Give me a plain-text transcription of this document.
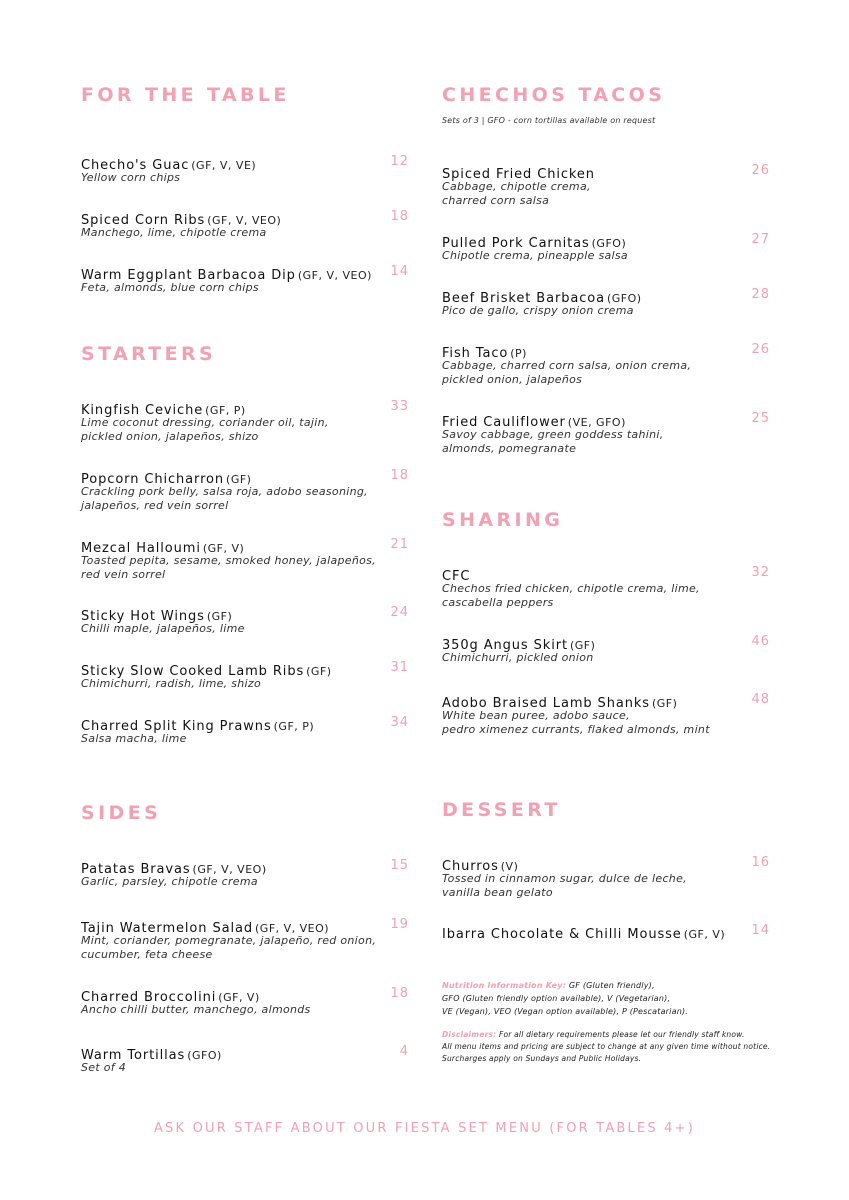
FOR THE TABLE
Checho's Guac (GF, V, VE)	12
Yellow corn chips
Spiced Corn Ribs (GF, V, VEO)	18
Manchego, lime, chipotle crema
Warm Eggplant Barbacoa Dip (GF, V, VEO) 14
Feta, almonds, blue corn chips
STARTERS
Kingfish Ceviche (GF, P)	33
Lime coconut dressing, coriander oil, tajin,
pickled onion, jalapeños, shizo
Popcorn Chicharron (GF)	18
Crackling pork belly, salsa roja, adobo seasoning,
jalapeños, red vein sorrel
Mezcal Halloumi (GF, V)	21
Toasted pepita, sesame, smoked honey, jalapeños,
red vein sorrel
Sticky Hot Wings (GF)	24
Chilli maple, jalapeños, lime
Sticky Slow Cooked Lamb Ribs (GF)	31
Chimichurri, radish, lime, shizo
Charred Split King Prawns (GF, P)	34
Salsa macha, lime
SIDES
Patatas Bravas (GF, V, VEO)	15
Garlic, parsley, chipotle crema
Tajin Watermelon Salad (GF, V, VEO)	19
Mint, coriander, pomegranate, jalapeño, red onion,
cucumber, feta cheese
Charred Broccolini (GF, V)	18
Ancho chilli butter, manchego, almonds
Warm Tortillas (GFO)	4
Set of 4
CHECHOS TACOS
Sets of 3 | GFO - corn tortillas available on request
Spiced Fried Chicken	26
Cabbage, chipotle crema,
charred corn salsa
Pulled Pork Carnitas (GFO)	27
Chipotle crema, pineapple salsa
Beef Brisket Barbacoa (GFO)	28
Pico de gallo, crispy onion crema
Fish Taco (P)	26
Cabbage, charred corn salsa, onion crema,
pickled onion, jalapeños
Fried Cauliflower (VE, GFO)	25
Savoy cabbage, green goddess tahini,
almonds, pomegranate
SHARING
CFC	32
Chechos fried chicken, chipotle crema, lime,
cascabella peppers
350g Angus Skirt (GF)	46
Chimichurri, pickled onion
Adobo Braised Lamb Shanks (GF)	48
White bean puree, adobo sauce,
pedro ximenez currants, flaked almonds, mint
DESSERT
Churros (V)	16
Tossed in cinnamon sugar, dulce de leche,
vanilla bean gelato
Ibarra Chocolate & Chilli Mousse (GF, V) 14
Nutrition Information Key: GF (Gluten friendly),
GFO (Gluten friendly option available), V (Vegetarian),
VE (Vegan), VEO (Vegan option available), P (Pescatarian).
Disclaimers: For all dietary requirements please let our friendly staff know.
All menu items and pricing are subject to change at any given time without notice.
Surcharges apply on Sundays and Public Holidays.
ASK OUR STAFF ABOUT OUR FIESTA SET MENU (FOR TABLES 4+)
